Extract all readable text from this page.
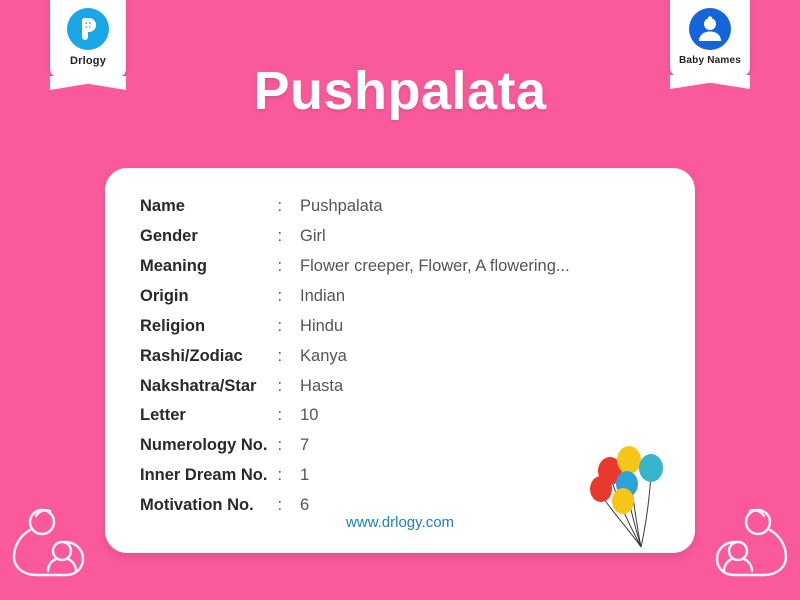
Drlogy	Baby Names
Pushpalata
Name	:	Pushpalata
Gender	:	Girl
Meaning	:	Flower creeper, Flower, A flowering...
Origin	:	Indian
Religion	:	Hindu
Rashi/Zodiac	:	Kanya
Nakshatra/Star	:	Hasta
Letter	:	10
Numerology No.	:	7
Inner Dream No.	:	1
Motivation No.	:	6
www.drlogy.com
